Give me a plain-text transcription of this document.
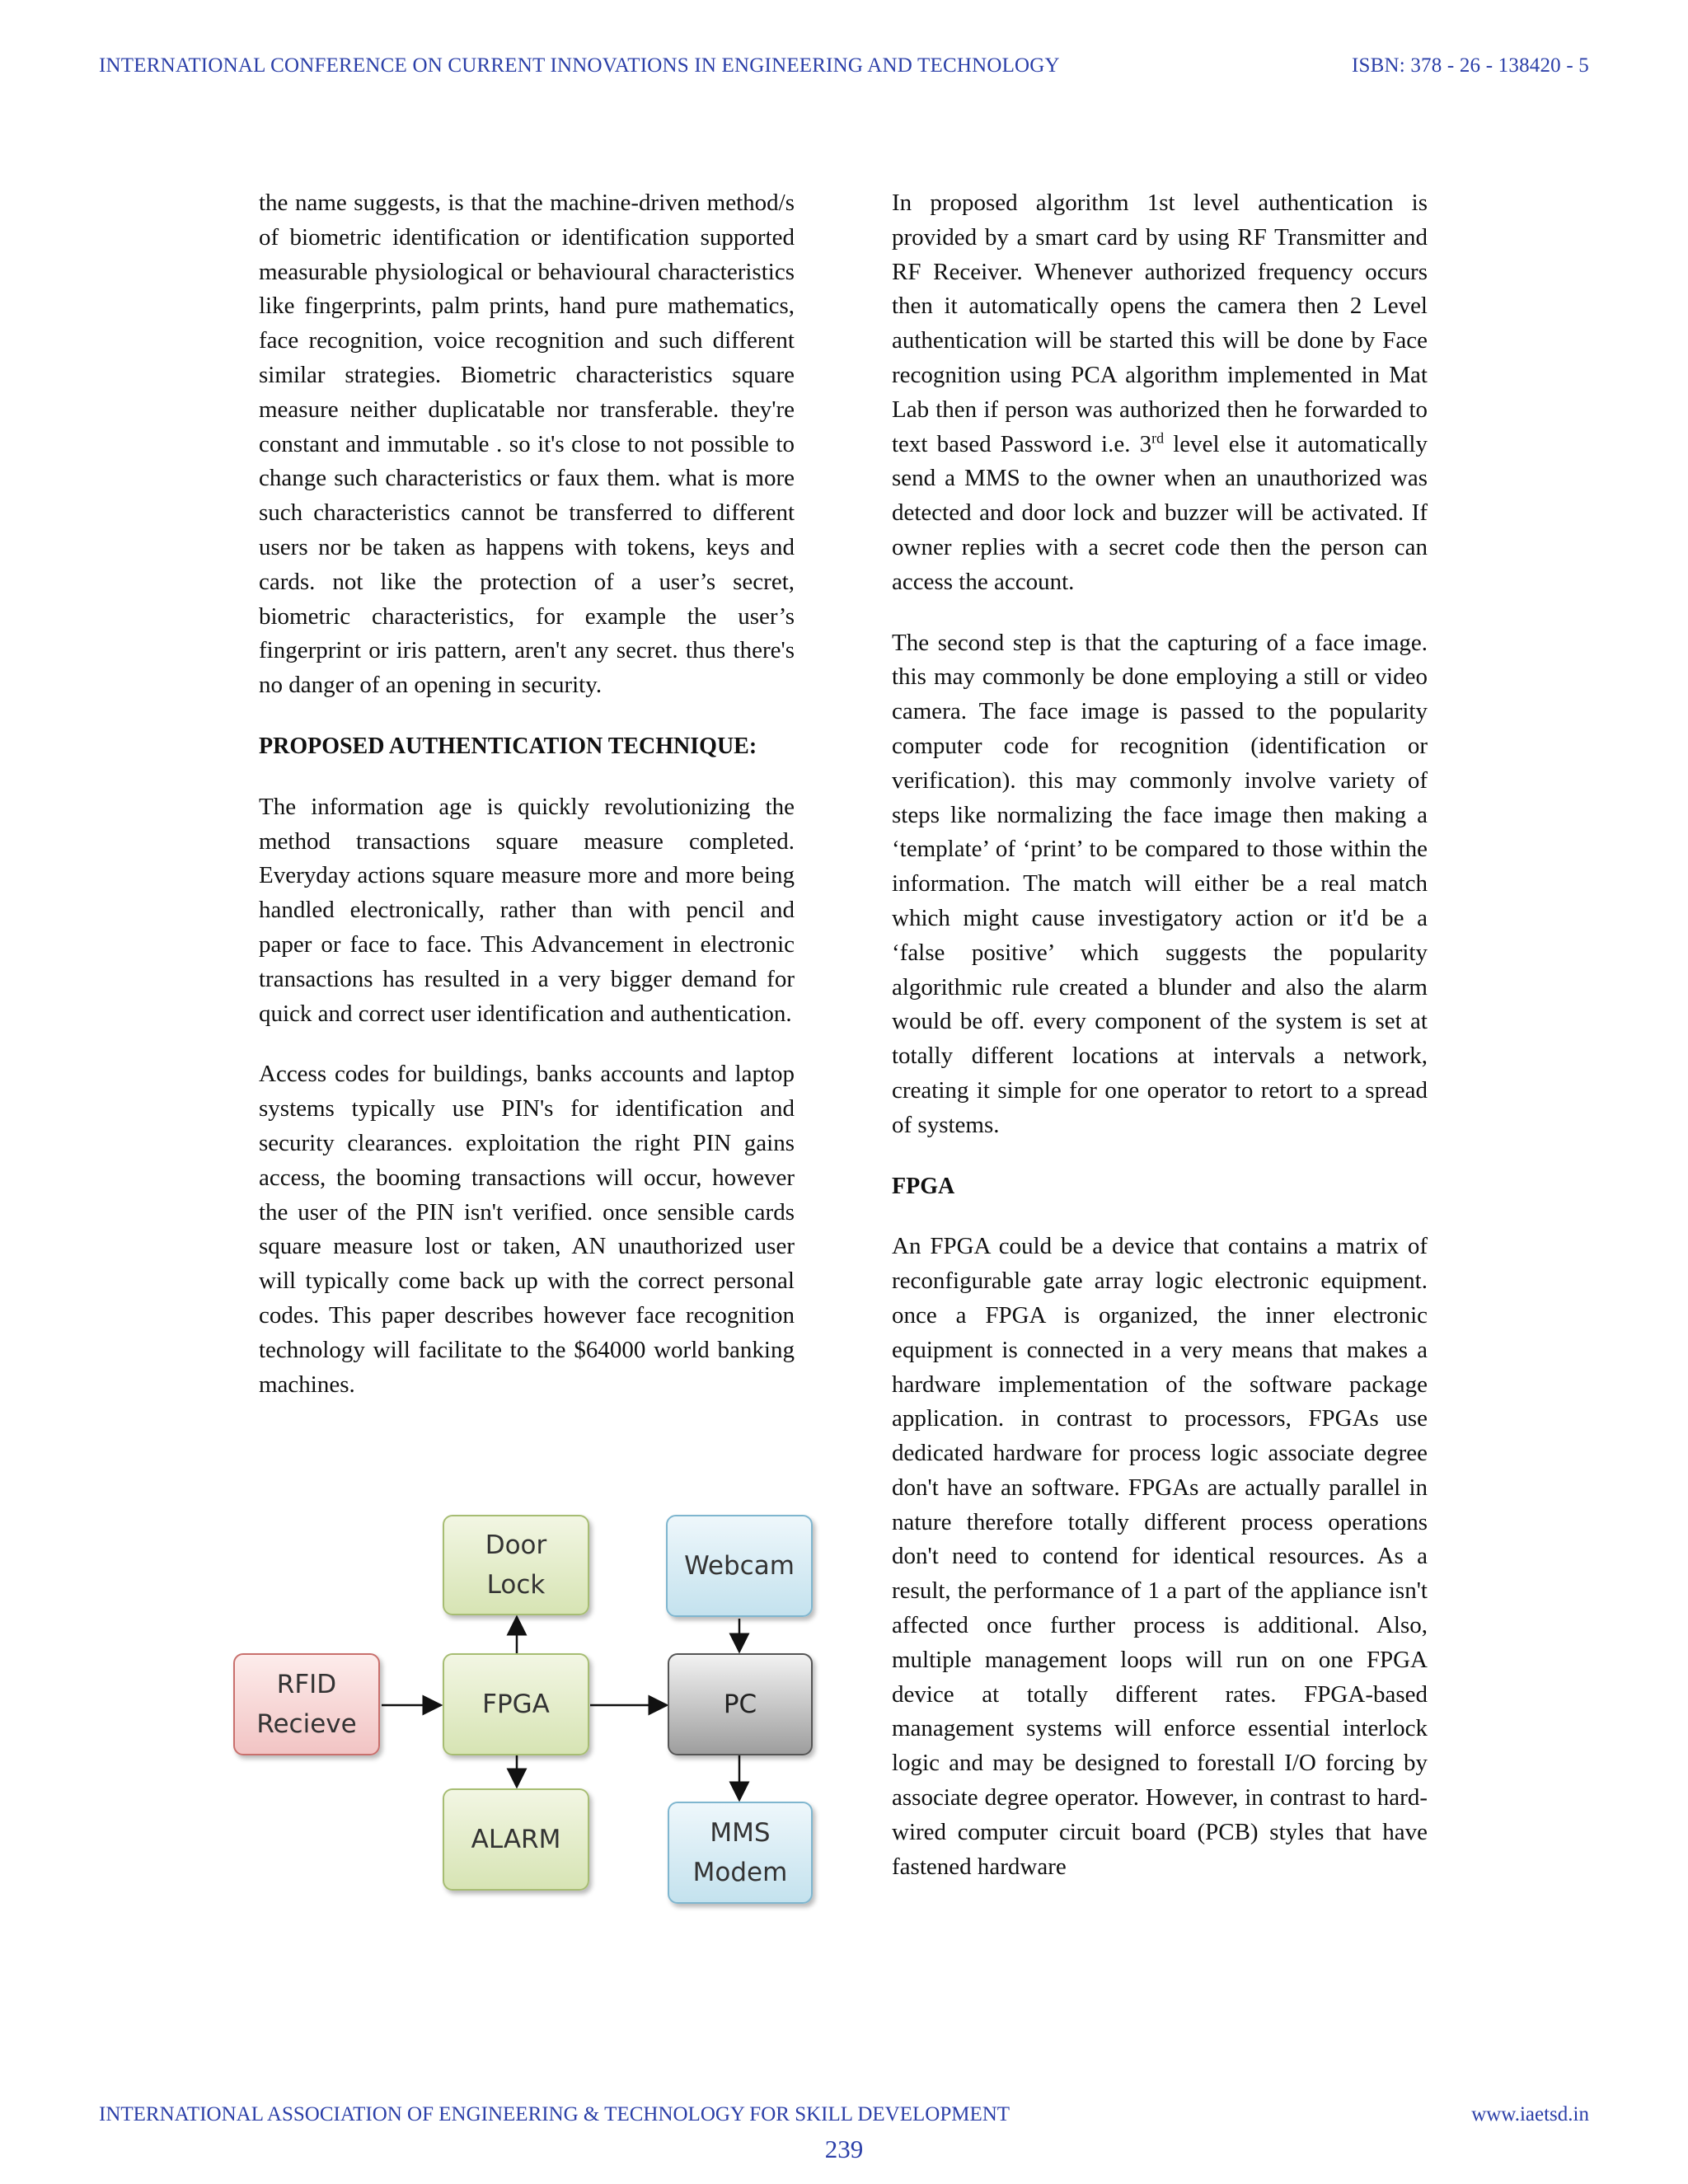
INTERNATIONAL CONFERENCE ON CURRENT INNOVATIONS IN ENGINEERING AND TECHNOLOGY	ISBN: 378 - 26 - 138420 - 5

the name suggests, is that the machine-driven method/s of biometric identification or identification supported measurable physiological or behavioural characteristics like fingerprints, palm prints, hand pure mathematics, face recognition, voice recognition and such different similar strategies. Biometric characteristics square measure neither duplicatable nor transferable. they're constant and immutable . so it's close to not possible to change such characteristics or faux them. what is more such characteristics cannot be transferred to different users nor be taken as happens with tokens, keys and cards. not like the protection of a user’s secret, biometric characteristics, for example the user’s fingerprint or iris pattern, aren't any secret. thus there's no danger of an opening in security.

PROPOSED AUTHENTICATION TECHNIQUE:

The information age is quickly revolutionizing the method transactions square measure completed. Everyday actions square measure more and more being handled electronically, rather than with pencil and paper or face to face. This Advancement in electronic transactions has resulted in a very bigger demand for quick and correct user identification and authentication.

Access codes for buildings, banks accounts and laptop systems typically use PIN's for identification and security clearances. exploitation the right PIN gains access, the booming transactions will occur, however the user of the PIN isn't verified. once sensible cards square measure lost or taken, AN unauthorized user will typically come back up with the correct personal codes. This paper describes however face recognition technology will facilitate to the $64000 world banking machines.

Door
Lock
Webcam
RFID
Recieve
FPGA	PC
ALARM	MMS
Modem

In proposed algorithm 1st level authentication is provided by a smart card by using RF Transmitter and RF Receiver. Whenever authorized frequency occurs then it automatically opens the camera then 2 Level authentication will be started this will be done by Face recognition using PCA algorithm implemented in Mat Lab then if person was authorized then he forwarded to text based Password i.e. 3rd level else it automatically send a MMS to the owner when an unauthorized was detected and door lock and buzzer will be activated. If owner replies with a secret code then the person can access the account.

The second step is that the capturing of a face image. this may commonly be done employing a still or video camera. The face image is passed to the popularity computer code for recognition (identification or verification). this may commonly involve variety of steps like normalizing the face image then making a ‘template’ of ‘print’ to be compared to those within the information. The match will either be a real match which might cause investigatory action or it'd be a ‘false positive’ which suggests the popularity algorithmic rule created a blunder and also the alarm would be off. every component of the system is set at totally different locations at intervals a network, creating it simple for one operator to retort to a spread of systems.

FPGA

An FPGA could be a device that contains a matrix of reconfigurable gate array logic electronic equipment. once a FPGA is organized, the inner electronic equipment is connected in a very means that makes a hardware implementation of the software package application. in contrast to processors, FPGAs use dedicated hardware for process logic associate degree don't have an software. FPGAs are actually parallel in nature therefore totally different process operations don't need to contend for identical resources. As a result, the performance of 1 a part of the appliance isn't affected once further process is additional. Also, multiple management loops will run on one FPGA device at totally different rates. FPGA-based management systems will enforce essential interlock logic and may be designed to forestall I/O forcing by associate degree operator. However, in contrast to hard-wired computer circuit board (PCB) styles that have fastened hardware

INTERNATIONAL ASSOCIATION OF ENGINEERING & TECHNOLOGY FOR SKILL DEVELOPMENT	www.iaetsd.in
239
